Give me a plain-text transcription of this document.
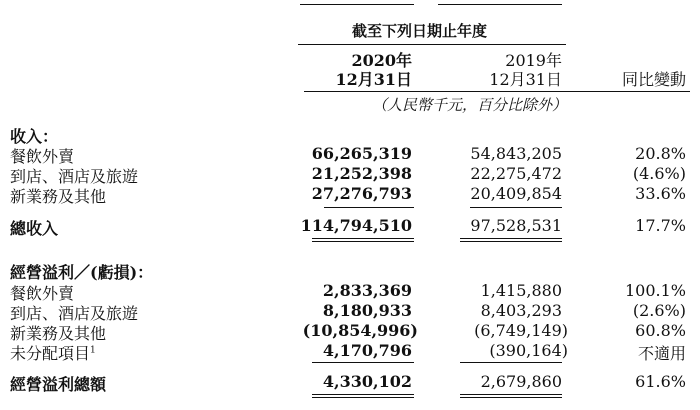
截至下列日期止年度
2020年
12月31日
2019年
12月31日	同比變動
（人民幣千元，百分比除外）
收入：
餐飲外賣	66,265,319	54,843,205	20.8%
到店、酒店及旅遊	21,252,398	22,275,472	(4.6%)
新業務及其他	27,276,793	20,409,854	33.6%
總收入	114,794,510	97,528,531	17.7%
經營溢利／(虧損)：
餐飲外賣	2,833,369	1,415,880	100.1%
到店、酒店及旅遊	8,180,933	8,403,293	(2.6%)
新業務及其他	(10,854,996)	(6,749,149)	60.8%
未分配項目$^1$	4,170,796	(390,164)	不適用
經營溢利總額	4,330,102	2,679,860	61.6%
